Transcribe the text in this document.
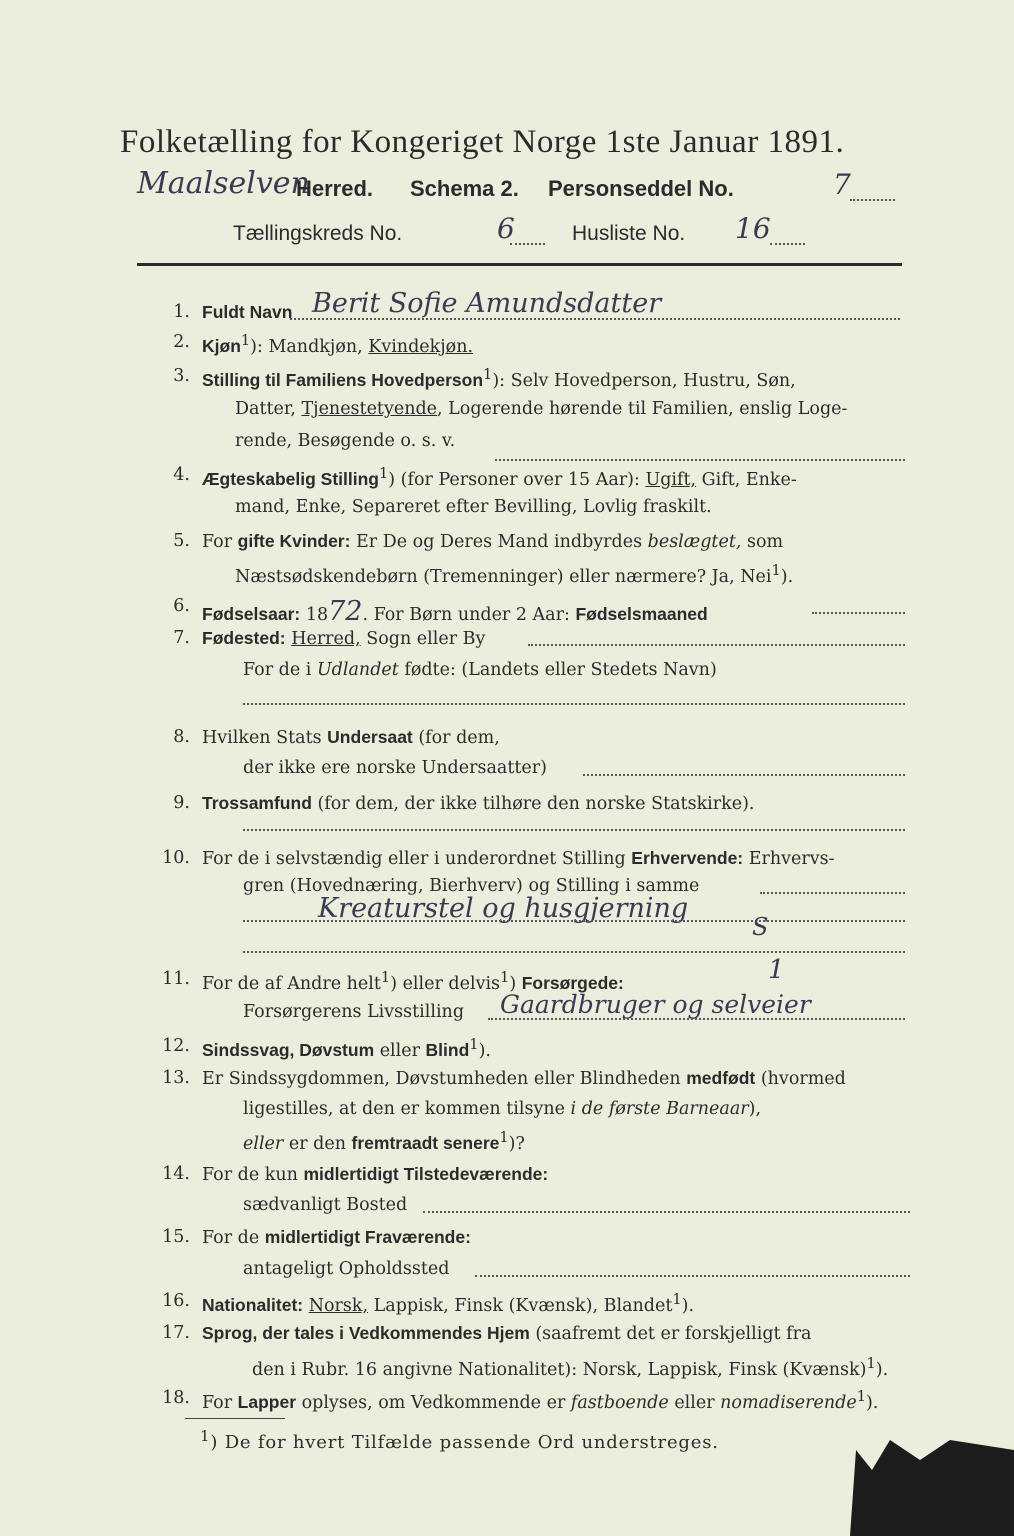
Folketælling for Kongeriget Norge 1ste Januar 1891.
Maalselven
Herred. Schema 2. Personseddel No.	7
Tællingskreds No.	6	Husliste No. 16
1. Fuldt Navn Berit Sofie Amundsdatter
2. Kjøn$^1$): Mandkjøn, Kvindekjøn.
3. Stilling til Familiens Hovedperson$^1$): Selv Hovedperson, Hustru, Søn,
Datter, Tjenestetyende, Logerende hørende til Familien, enslig Loge-
rende, Besøgende o. s. v.
4. Ægteskabelig Stilling$^1$) (for Personer over 15 Aar): Ugift, Gift, Enke-
mand, Enke, Separeret efter Bevilling, Lovlig fraskilt.
5. For gifte Kvinder: Er De og Deres Mand indbyrdes beslægtet, som
Næstsødskendebørn (Tremenninger) eller nærmere? Ja, Nei$^1$).
6. Fødselsaar: 1872. For Børn under 2 Aar: Fødselsmaaned
7. Fødested: Herred, Sogn eller By
For de i Udlandet fødte: (Landets eller Stedets Navn)
8. Hvilken Stats Undersaat (for dem,
der ikke ere norske Undersaatter)
9. Trossamfund (for dem, der ikke tilhøre den norske Statskirke).
10. For de i selvstændig eller i underordnet Stilling Erhvervende: Erhvervs-
gren (Hovednæring, Bierhverv) og Stilling i samme
Kreaturstel og husgjerning
S
11. For de af Andre helt$^1$) eller delvis$^1$) Forsørgede:	1
Forsørgerens Livsstilling Gaardbruger og selveier
12. Sindssvag, Døvstum eller Blind$^1$).
13. Er Sindssygdommen, Døvstumheden eller Blindheden medfødt (hvormed
ligestilles, at den er kommen tilsyne i de første Barneaar),
eller er den fremtraadt senere$^1$)?
14. For de kun midlertidigt Tilstedeværende:
sædvanligt Bosted
15. For de midlertidigt Fraværende:
antageligt Opholdssted
16. Nationalitet: Norsk, Lappisk, Finsk (Kvænsk), Blandet$^1$).
17. Sprog, der tales i Vedkommendes Hjem (saafremt det er forskjelligt fra
den i Rubr. 16 angivne Nationalitet): Norsk, Lappisk, Finsk (Kvænsk)$^1$).
18. For Lapper oplyses, om Vedkommende er fastboende eller nomadiserende$^1$).
$^1$) De for hvert Tilfælde passende Ord understreges.
